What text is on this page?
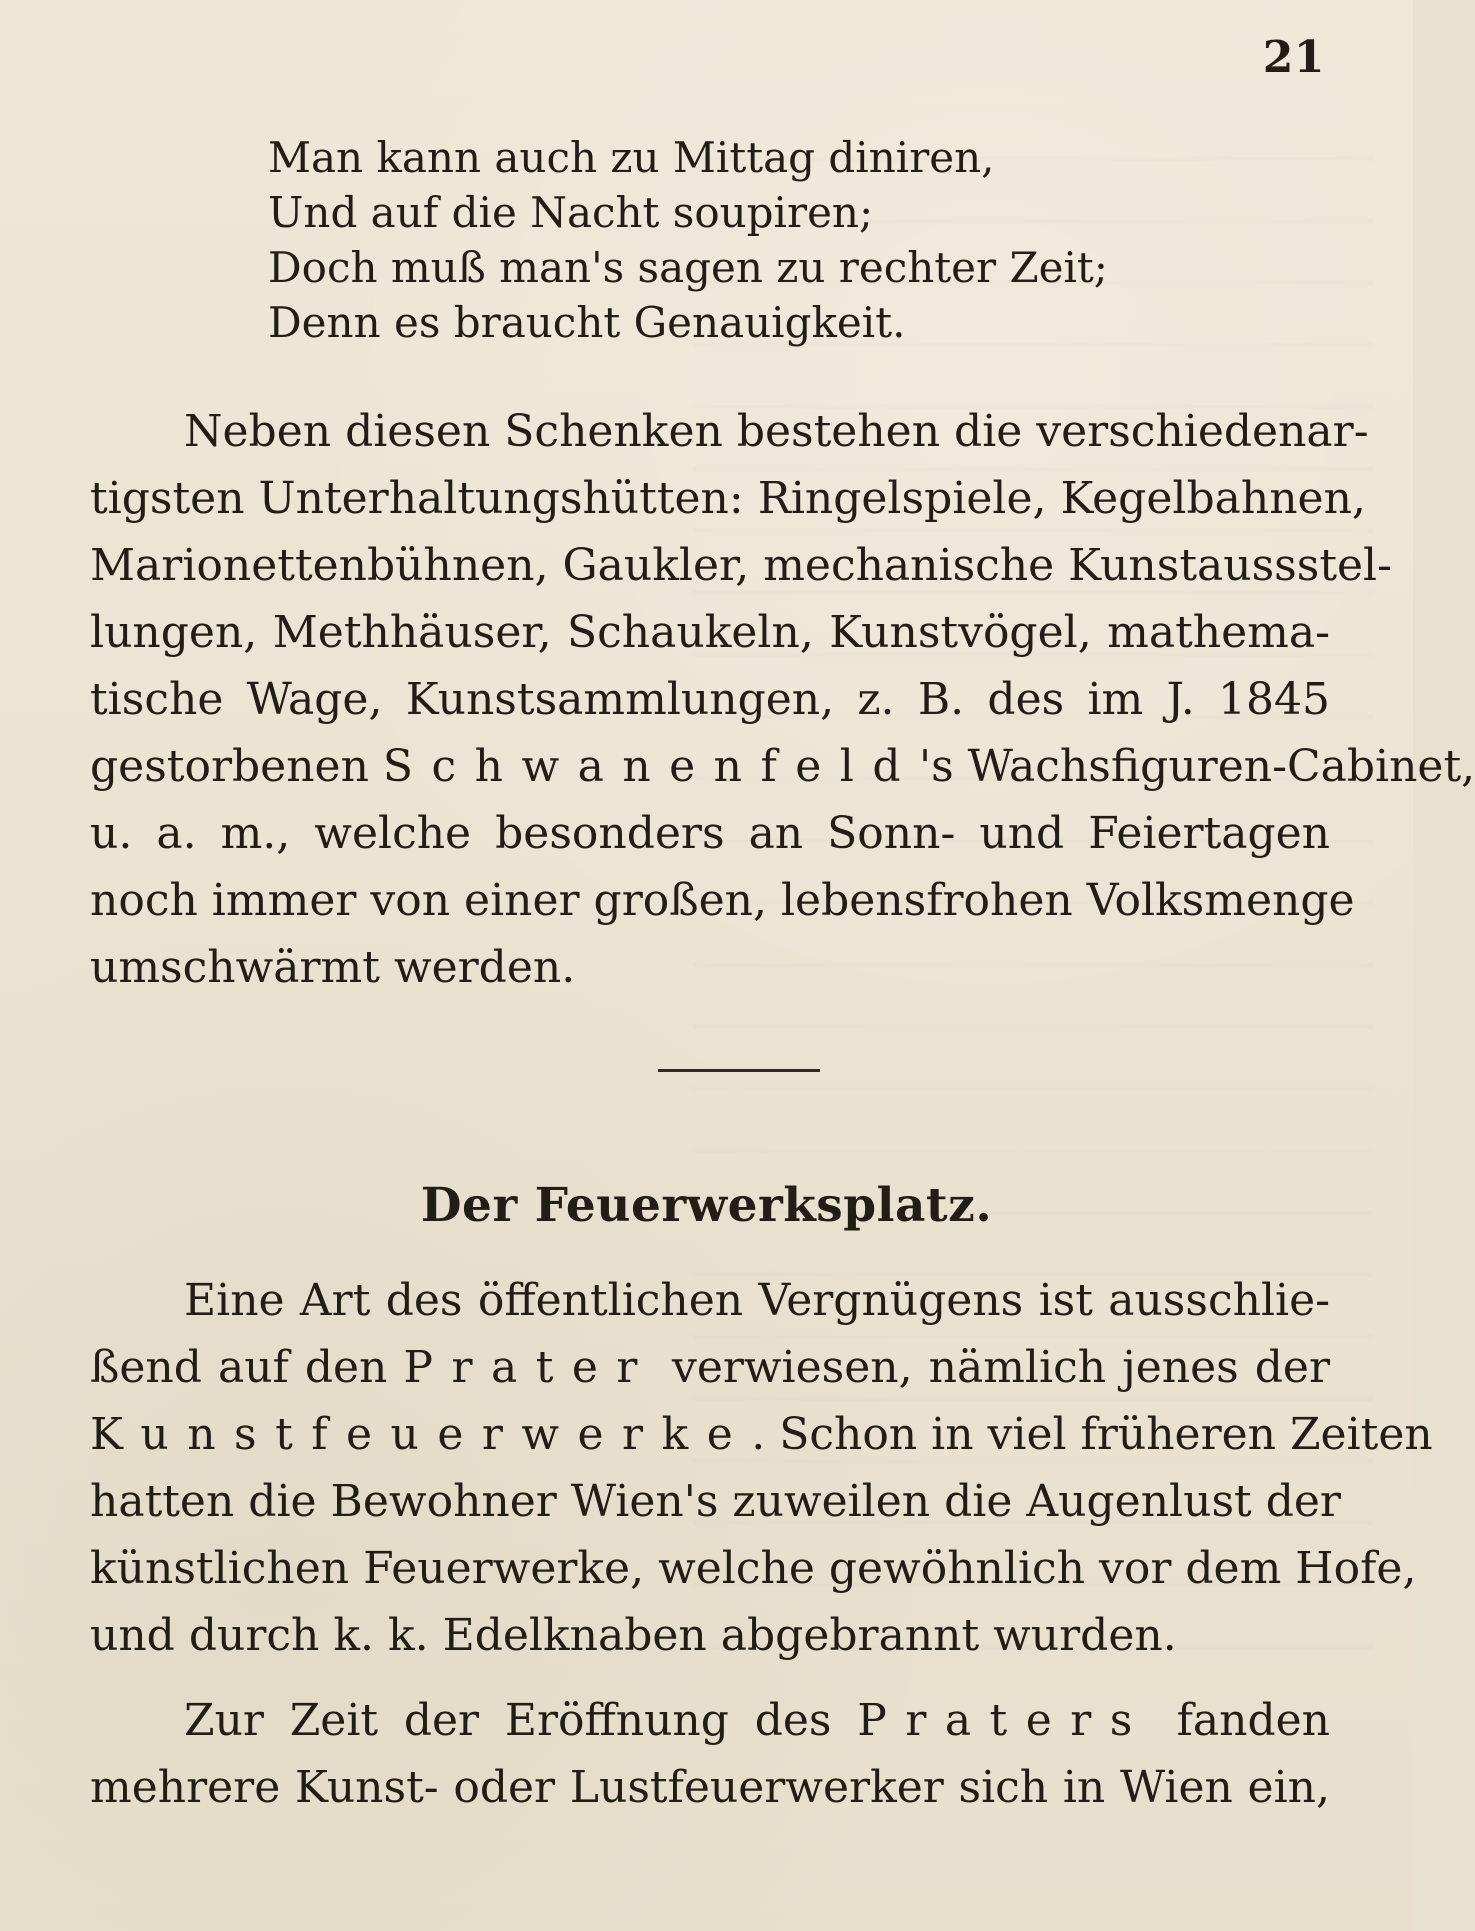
21
Man kann auch zu Mittag diniren,
Und auf die Nacht soupiren;
Doch muß man's sagen zu rechter Zeit;
Denn es braucht Genauigkeit.
Neben diesen Schenken bestehen die verschiedenar-
tigsten Unterhaltungshütten: Ringelspiele, Kegelbahnen,
Marionettenbühnen, Gaukler, mechanische Kunstaussstel-
lungen, Methhäuser, Schaukeln, Kunstvögel, mathema-
tische Wage, Kunstsammlungen, z. B. des im J. 1845
gestorbenen Schwanenfeld's Wachsfiguren-Cabinet,
u. a. m., welche besonders an Sonn- und Feiertagen
noch immer von einer großen, lebensfrohen Volksmenge
umschwärmt werden.
Der Feuerwerksplatz.
Eine Art des öffentlichen Vergnügens ist ausschlie-
ßend auf den Prater verwiesen, nämlich jenes der
Kunstfeuerwerke. Schon in viel früheren Zeiten
hatten die Bewohner Wien's zuweilen die Augenlust der
künstlichen Feuerwerke, welche gewöhnlich vor dem Hofe,
und durch k. k. Edelknaben abgebrannt wurden.
Zur Zeit der Eröffnung des Praters fanden
mehrere Kunst- oder Lustfeuerwerker sich in Wien ein,
